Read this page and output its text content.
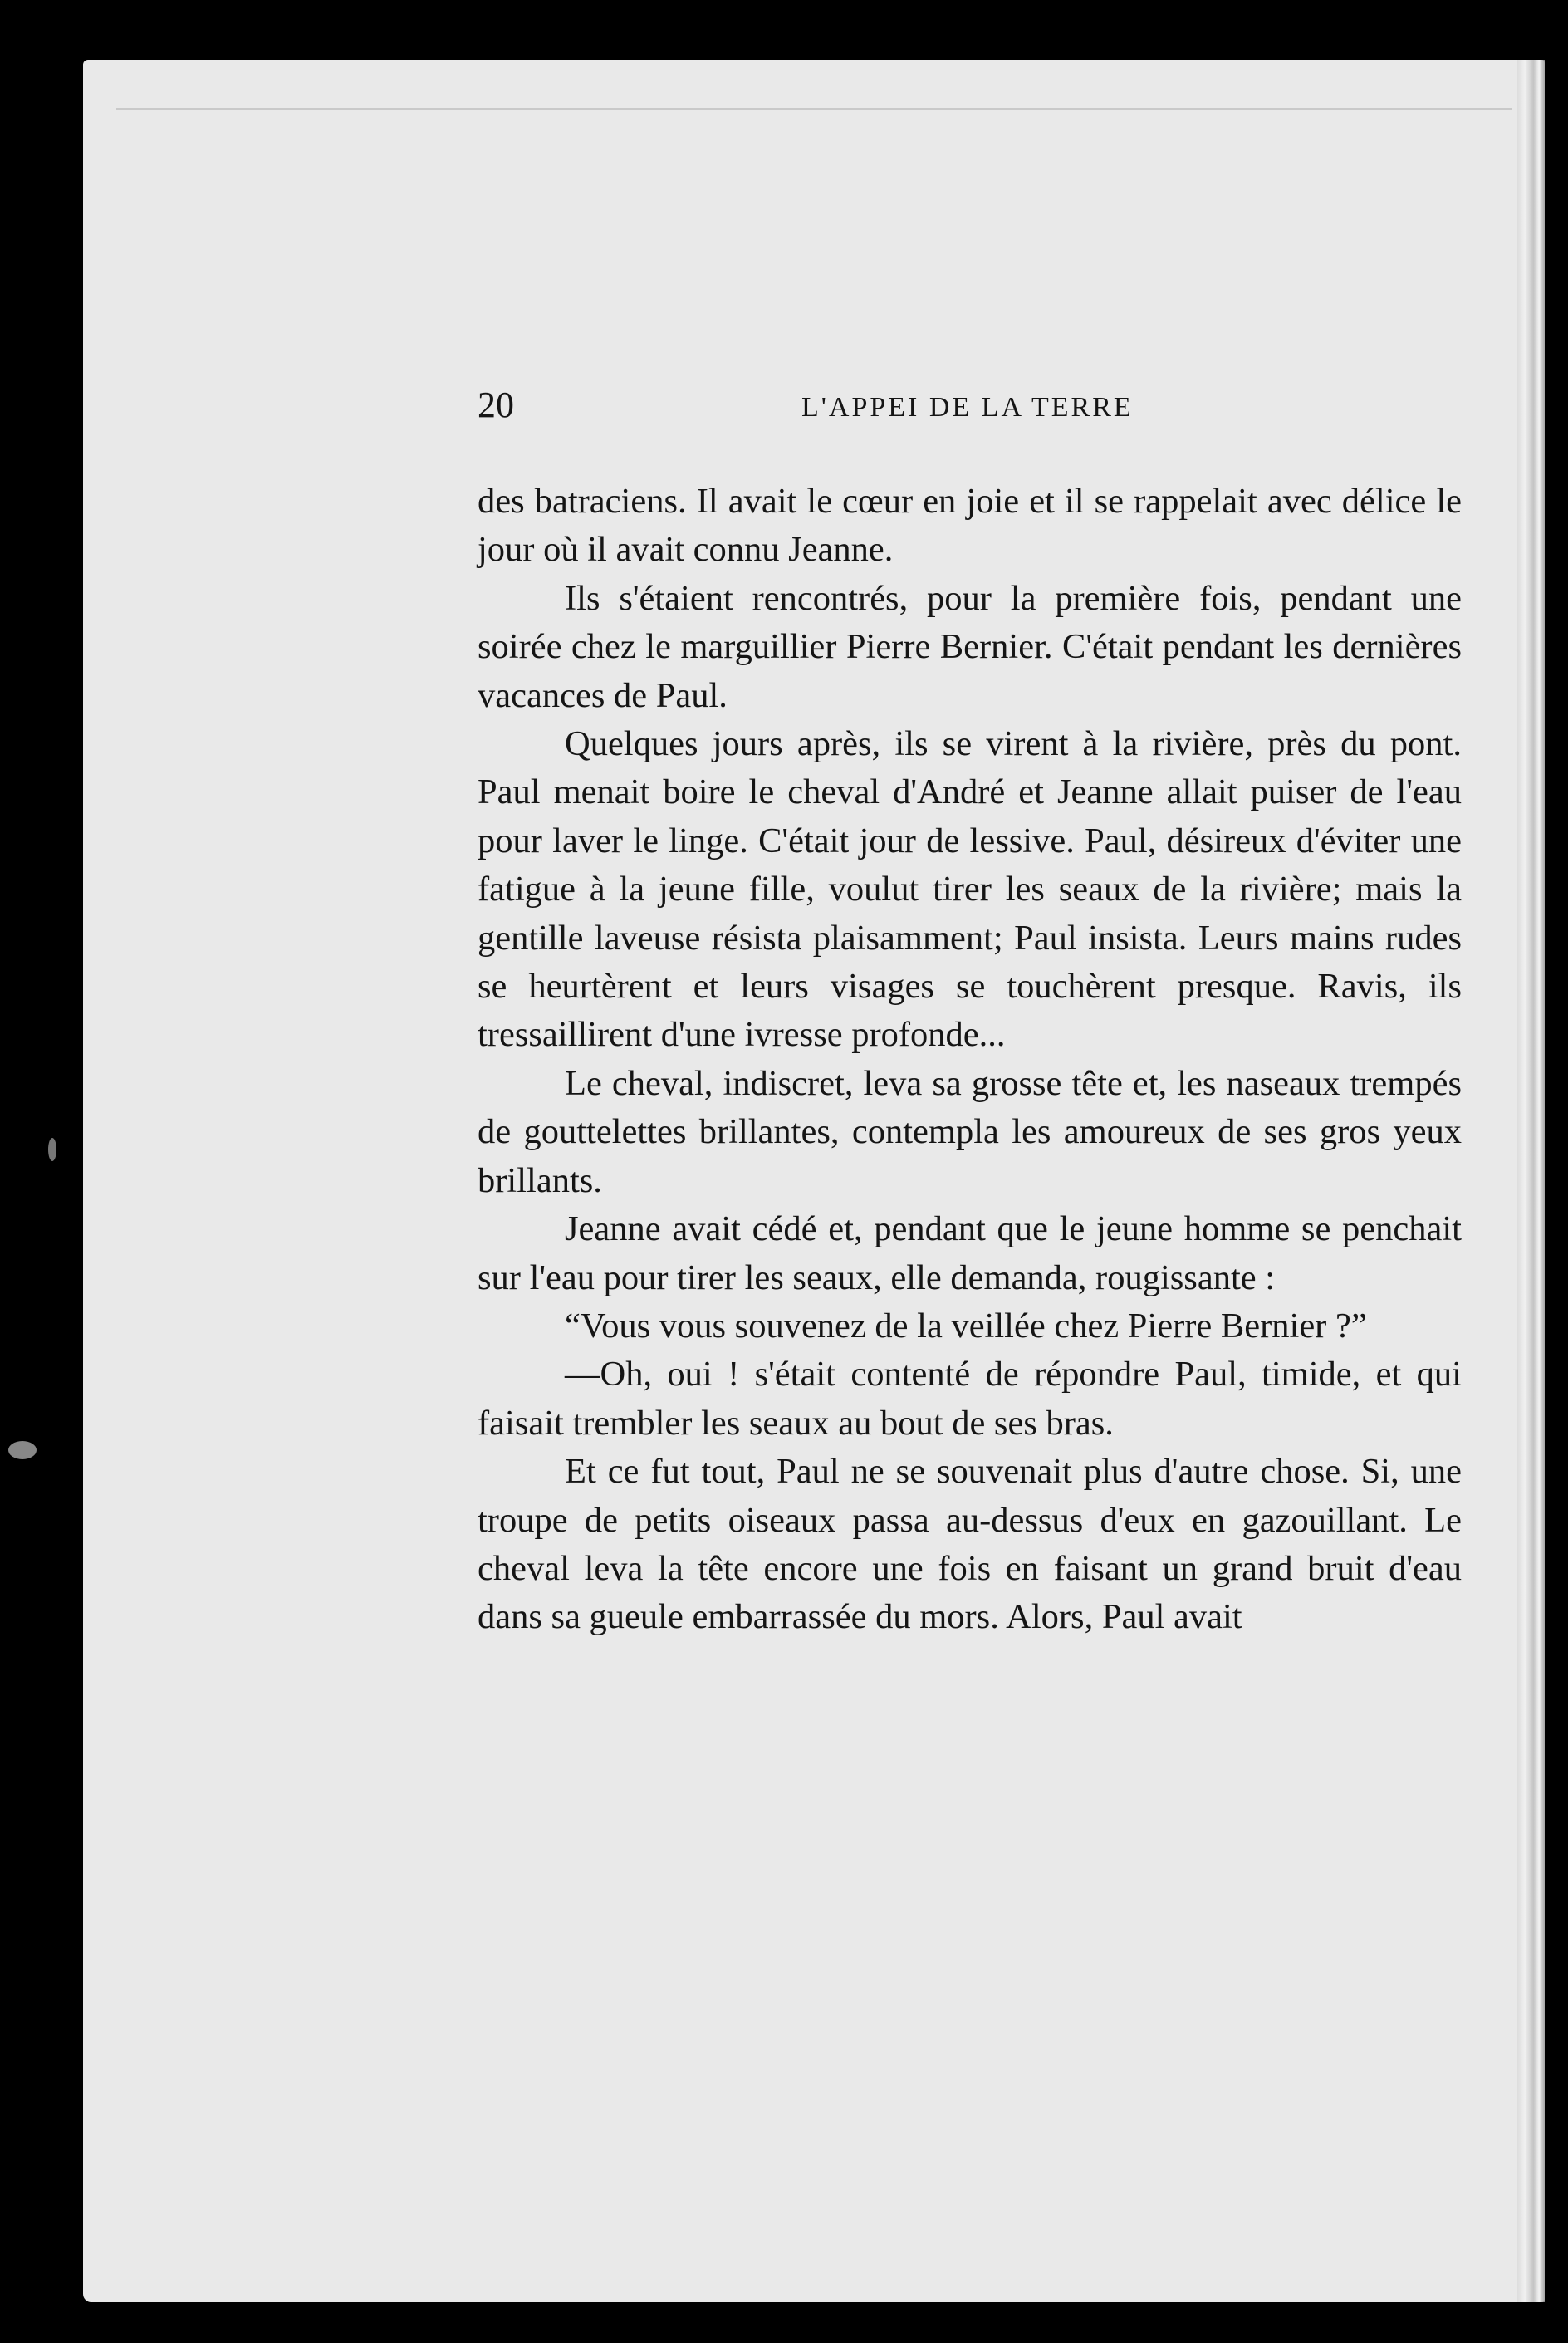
20	L'APPEI DE LA TERRE

des batraciens. Il avait le cœur en joie et il se rappelait avec délice le jour où il avait connu Jeanne.

Ils s'étaient rencontrés, pour la première fois, pendant une soirée chez le marguillier Pierre Bernier. C'était pendant les dernières vacances de Paul.

Quelques jours après, ils se virent à la rivière, près du pont. Paul menait boire le cheval d'André et Jeanne allait puiser de l'eau pour laver le linge. C'était jour de lessive. Paul, désireux d'éviter une fatigue à la jeune fille, voulut tirer les seaux de la rivière; mais la gentille laveuse résista plaisamment; Paul insista. Leurs mains rudes se heurtèrent et leurs visages se touchèrent presque. Ravis, ils tressaillirent d'une ivresse profonde...

Le cheval, indiscret, leva sa grosse tête et, les naseaux trempés de gouttelettes brillantes, contempla les amoureux de ses gros yeux brillants.

Jeanne avait cédé et, pendant que le jeune homme se penchait sur l'eau pour tirer les seaux, elle demanda, rougissante :

“Vous vous souvenez de la veillée chez Pierre Bernier ?”

—Oh, oui ! s'était contenté de répondre Paul, timide, et qui faisait trembler les seaux au bout de ses bras.

Et ce fut tout, Paul ne se souvenait plus d'autre chose. Si, une troupe de petits oiseaux passa au-dessus d'eux en gazouillant. Le cheval leva la tête encore une fois en faisant un grand bruit d'eau dans sa gueule embarrassée du mors. Alors, Paul avait
